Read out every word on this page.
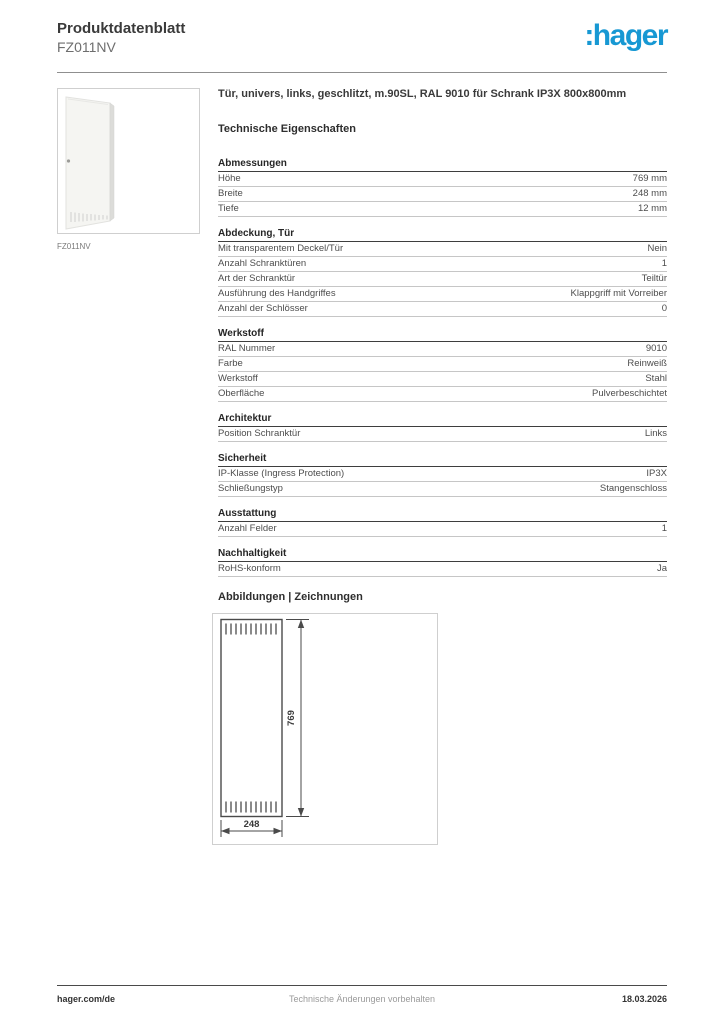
Produktdatenblatt
FZ011NV	:hager
FZ011NV
Tür, univers, links, geschlitzt, m.90SL, RAL 9010 für Schrank IP3X 800x800mm
Technische Eigenschaften
Abmessungen
Höhe	769 mm
Breite	248 mm
Tiefe	12 mm
Abdeckung, Tür
Mit transparentem Deckel/Tür	Nein
Anzahl Schranktüren	1
Art der Schranktür	Teiltür
Ausführung des Handgriffes	Klappgriff mit Vorreiber
Anzahl der Schlösser	0
Werkstoff
RAL Nummer	9010
Farbe	Reinweiß
Werkstoff	Stahl
Oberfläche	Pulverbeschichtet
Architektur
Position Schranktür	Links
Sicherheit
IP-Klasse (Ingress Protection)	IP3X
Schließungstyp	Stangenschloss
Ausstattung
Anzahl Felder	1
Nachhaltigkeit
RoHS-konform	Ja
Abbildungen | Zeichnungen
769
248
Technische Änderungen vorbehalten
hager.com/de	18.03.2026
